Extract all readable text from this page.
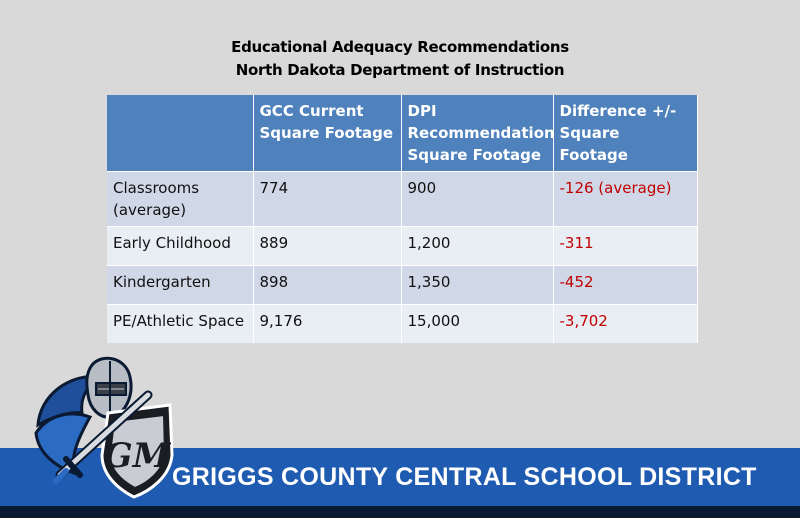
Educational Adequacy Recommendations
North Dakota Department of Instruction
	GCC Current Square Footage	DPI Recommendation Square Footage	Difference +/- Square Footage
Classrooms (average)	774	900	-126 (average)
Early Childhood	889	1,200	-311
Kindergarten	898	1,350	-452
PE/Athletic Space	9,176	15,000	-3,702
GRIGGS COUNTY CENTRAL SCHOOL DISTRICT
GM
